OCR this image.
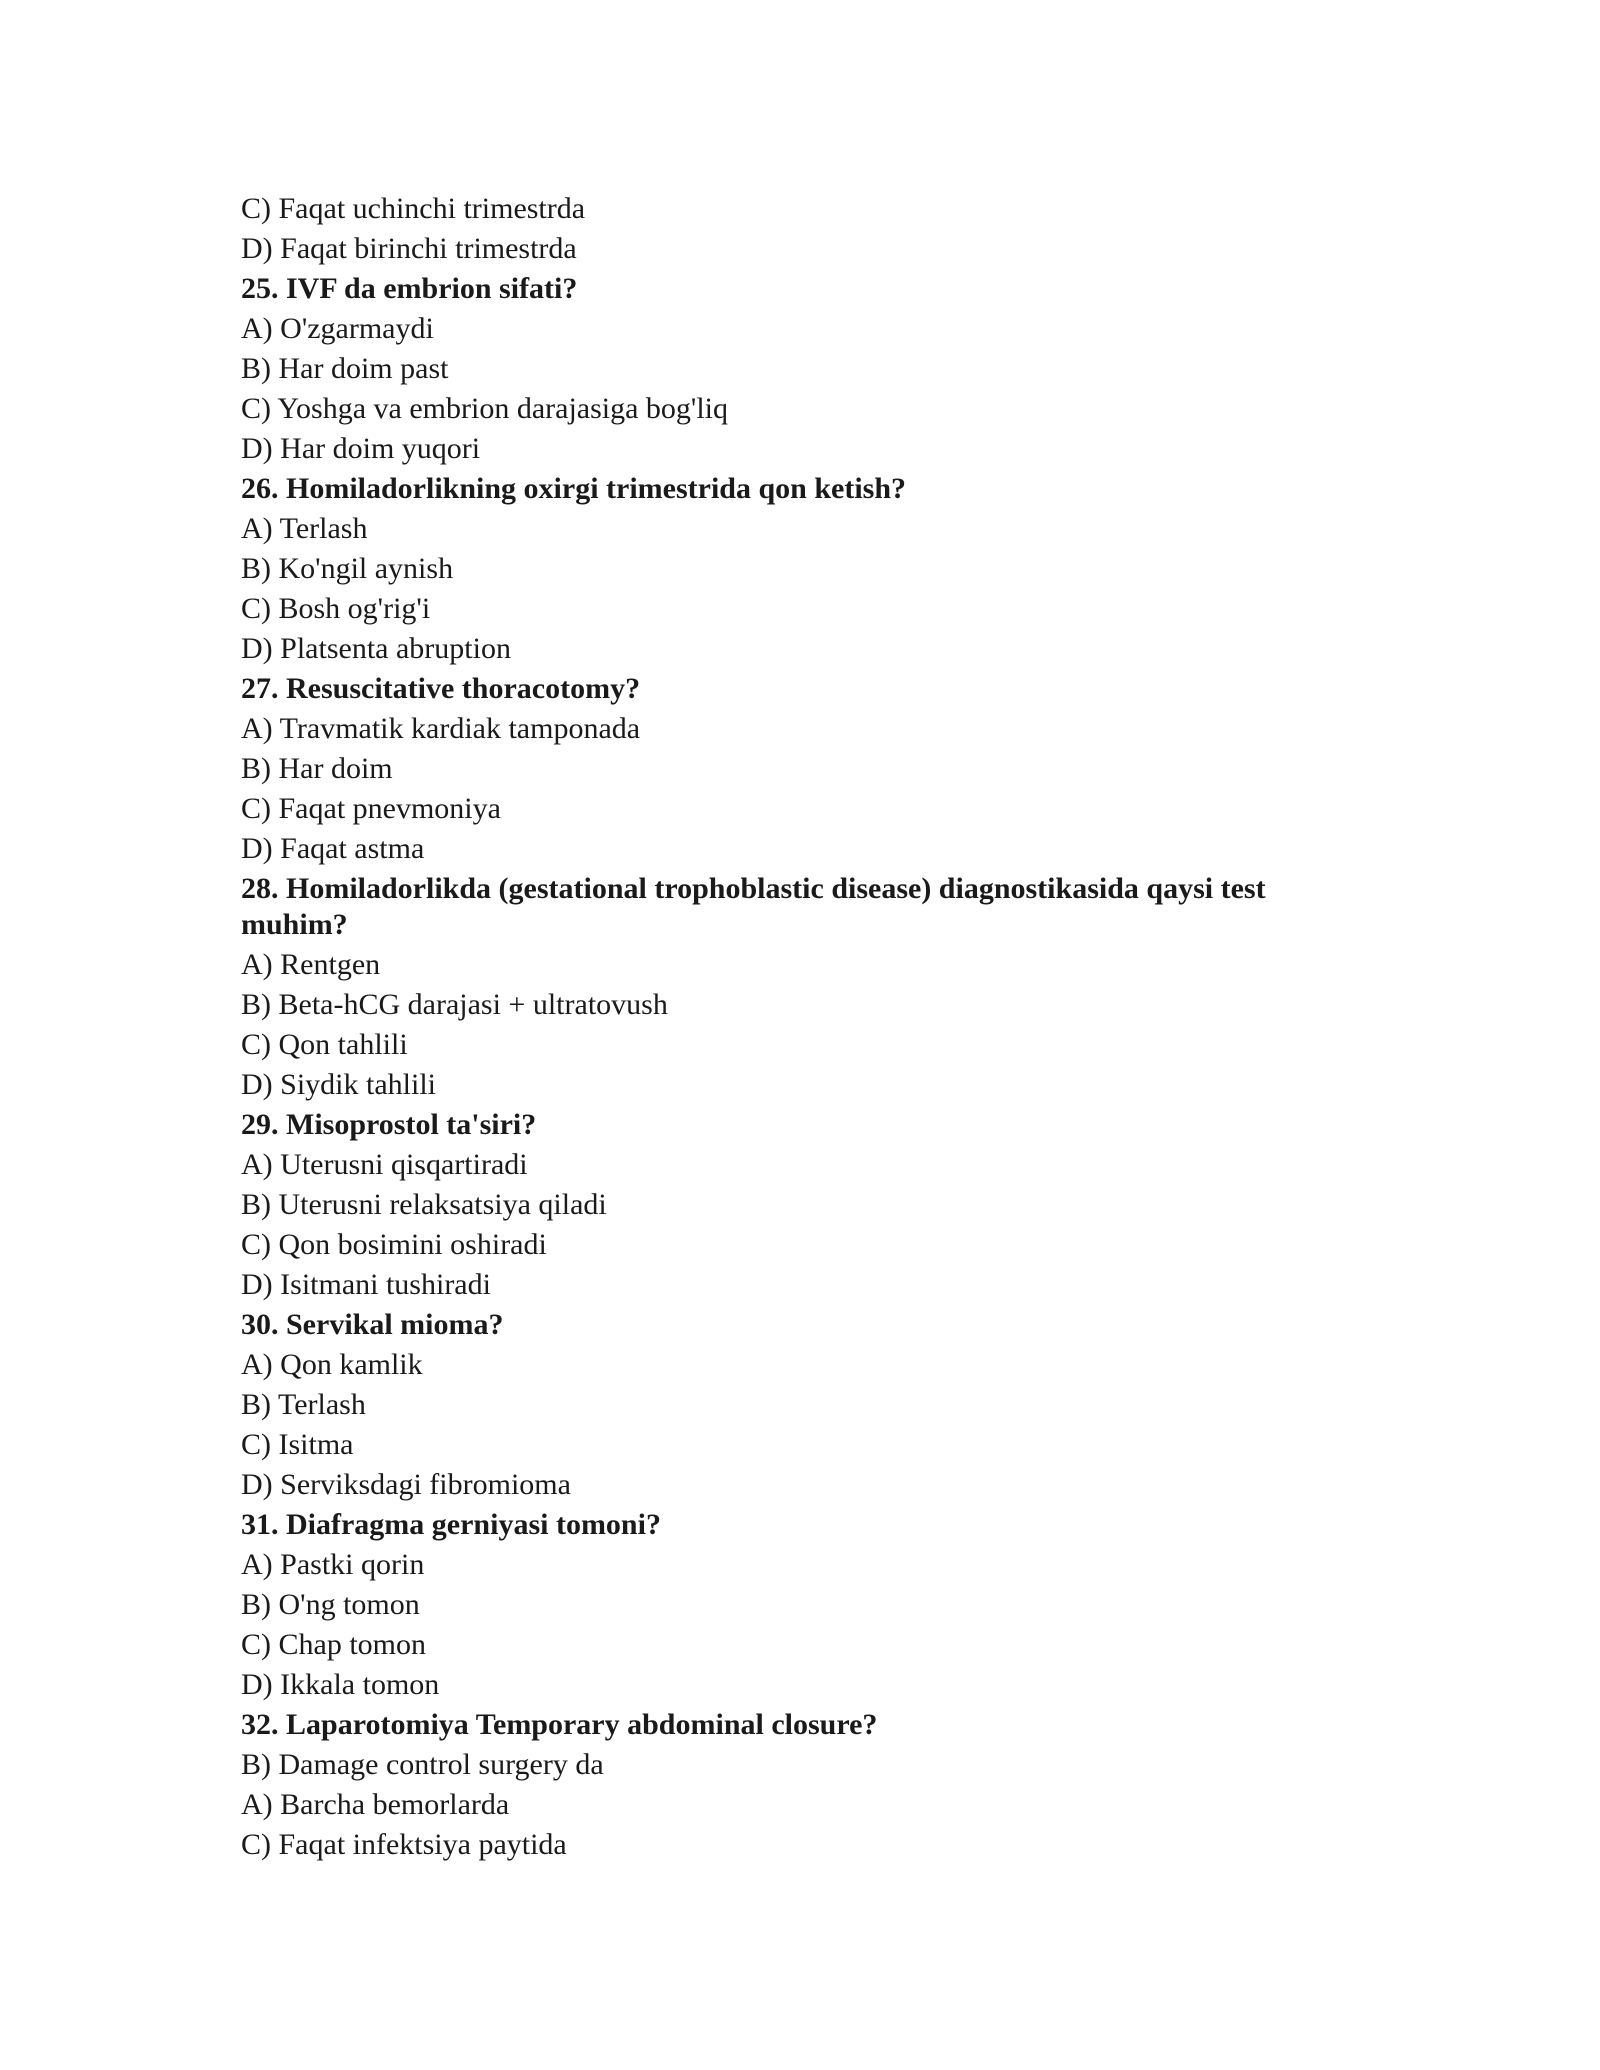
C) Faqat uchinchi trimestrda
D) Faqat birinchi trimestrda
25. IVF da embrion sifati?
A) O'zgarmaydi
B) Har doim past
C) Yoshga va embrion darajasiga bog'liq
D) Har doim yuqori
26. Homiladorlikning oxirgi trimestrida qon ketish?
A) Terlash
B) Ko'ngil aynish
C) Bosh og'rig'i
D) Platsenta abruption
27. Resuscitative thoracotomy?
A) Travmatik kardiak tamponada
B) Har doim
C) Faqat pnevmoniya
D) Faqat astma
28. Homiladorlikda (gestational trophoblastic disease) diagnostikasida qaysi test
muhim?
A) Rentgen
B) Beta-hCG darajasi + ultratovush
C) Qon tahlili
D) Siydik tahlili
29. Misoprostol ta'siri?
A) Uterusni qisqartiradi
B) Uterusni relaksatsiya qiladi
C) Qon bosimini oshiradi
D) Isitmani tushiradi
30. Servikal mioma?
A) Qon kamlik
B) Terlash
C) Isitma
D) Serviksdagi fibromioma
31. Diafragma gerniyasi tomoni?
A) Pastki qorin
B) O'ng tomon
C) Chap tomon
D) Ikkala tomon
32. Laparotomiya Temporary abdominal closure?
B) Damage control surgery da
A) Barcha bemorlarda
C) Faqat infektsiya paytida
